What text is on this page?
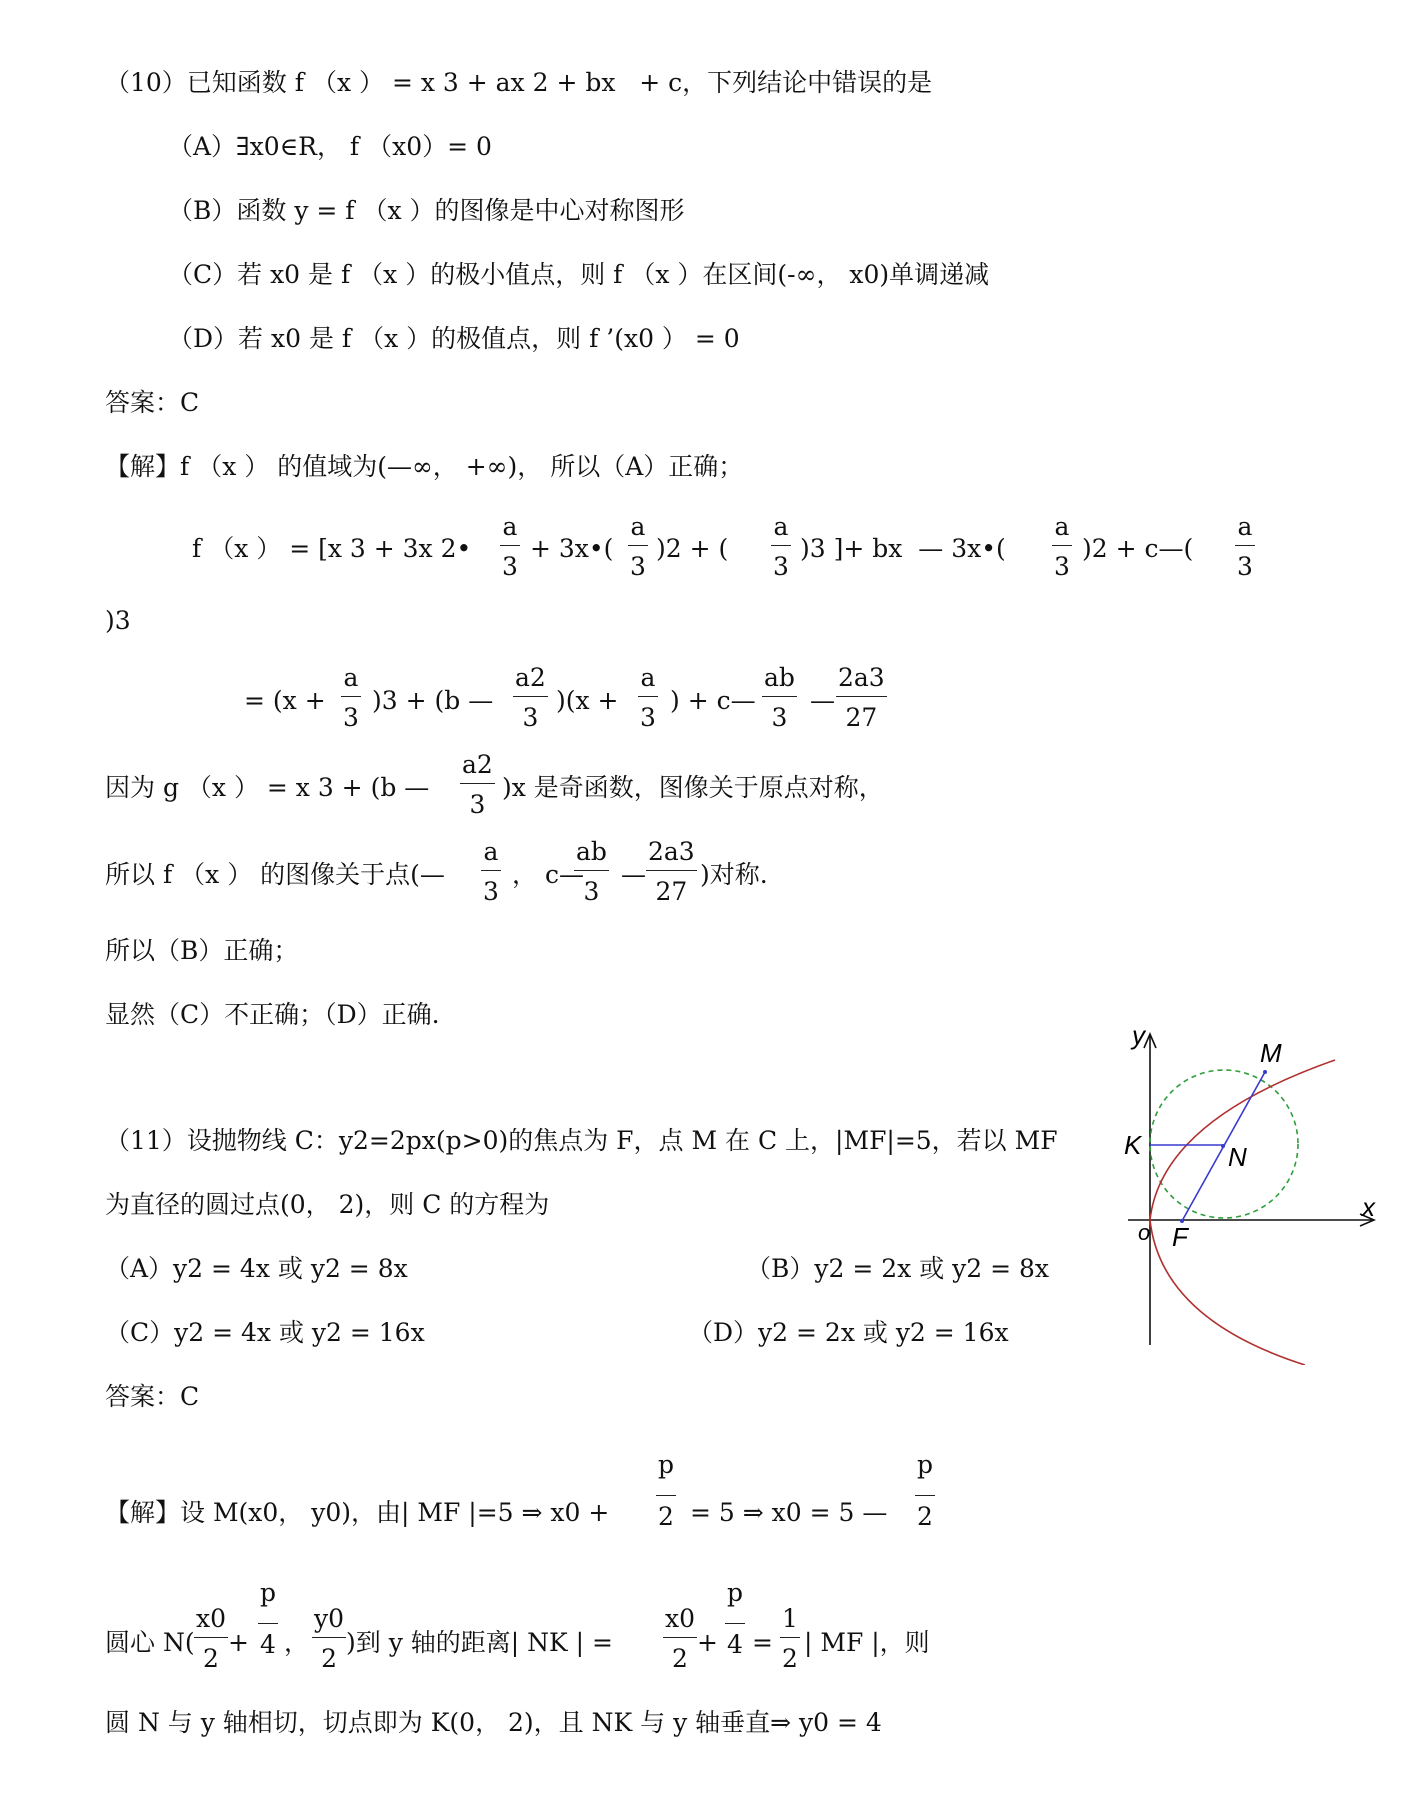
（10）已知函数 f （x ） = x 3 + ax 2 + bx   + c，下列结论中错误的是
（A）∃x0∈R， f （x0）= 0
（B）函数 y = f （x ）的图像是中心对称图形
（C）若 x0 是 f （x ）的极小值点，则 f （x ）在区间(-∞， x0)单调递减
（D）若 x0 是 f （x ）的极值点，则 f ’(x0 ） = 0
答案：C
【解】f （x ） 的值域为(—∞， +∞)， 所以（A）正确；
f （x ） = [x 3 + 3x 2•
a
3
+ 3x•(
a
3
)2 + (
a
3
)3 ]+ bx  — 3x•(
a
3
)2 + c—(
a
3
)3
= (x +
a
3
)3 + (b —
a2
3
)(x +
a
3
) + c—
ab
3
—
2a3
27
因为 g （x ） = x 3 + (b —
a2
3
)x 是奇函数，图像关于原点对称，
所以 f （x ） 的图像关于点(—
a
3
， c—
ab
3
—
2a3
27
)对称.
所以（B）正确；
显然（C）不正确；（D）正确.
（11）设抛物线 C：y2=2px(p>0)的焦点为 F，点 M 在 C 上，|MF|=5，若以 MF
为直径的圆过点(0， 2)，则 C 的方程为
（A）y2 = 4x 或 y2 = 8x	（B）y2 = 2x 或 y2 = 8x
（C）y2 = 4x 或 y2 = 16x	（D）y2 = 2x 或 y2 = 16x
答案：C
【解】设 M(x0， y0)，由| MF |=5 ⇒ x0 +
p
2 = 5 ⇒ x0 = 5 —
p
2
圆心 N(
x0
2
+
p
4 ，
y0
2
)到 y 轴的距离| NK | =
x0
2
+
p
4 =
1
2
| MF |，则
圆 N 与 y 轴相切，切点即为 K(0， 2)，且 NK 与 y 轴垂直⇒ y0 = 4
y
x
o
M
K	N
F
